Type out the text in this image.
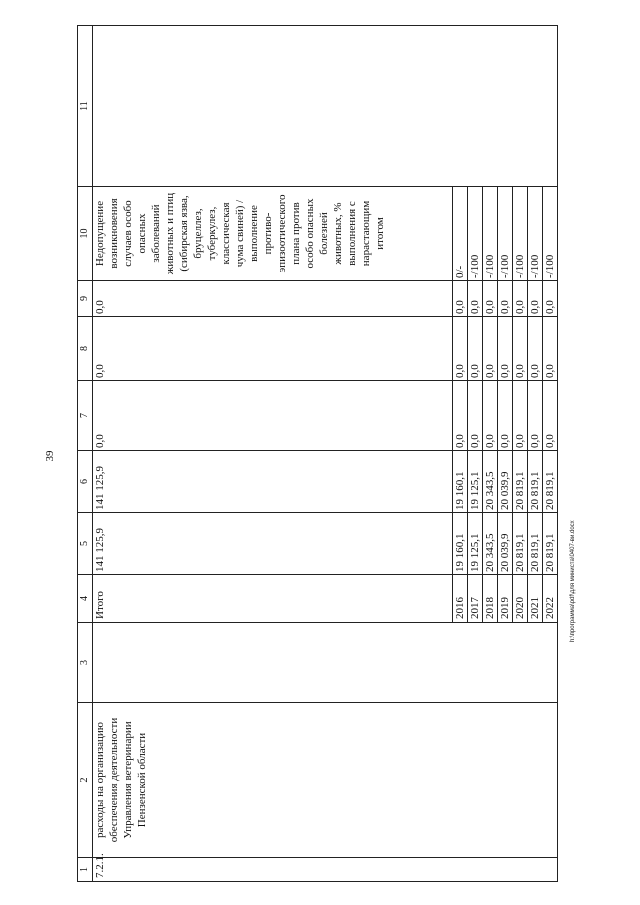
39
h:\программа\pdf\для министа\0407-ви.docx
1	2	3	4	5	6	7	8	9	10	11
7.2.1.	расходы на организацию обеспечения деятельности Управления ветеринарии Пензенской области		Итого	141 125,9	141 125,9	0,0	0,0	0,0	Недопущение возникновения случаев особо опасных заболеваний животных и птиц (сибирская язва, бруцеллез, туберкулез, классическая чума свиней) / выполнение противо-эпизоотического плана против особо опасных болезней животных, % выполнения с нарастающим итогом	
			2016	19 160,1	19 160,1	0,0	0,0	0,0	0/-	
			2017	19 125,1	19 125,1	0,0	0,0	0,0	-/100	
			2018	20 343,5	20 343,5	0,0	0,0	0,0	-/100	
			2019	20 039,9	20 039,9	0,0	0,0	0,0	-/100	
			2020	20 819,1	20 819,1	0,0	0,0	0,0	-/100	
			2021	20 819,1	20 819,1	0,0	0,0	0,0	-/100	
			2022	20 819,1	20 819,1	0,0	0,0	0,0	-/100	
